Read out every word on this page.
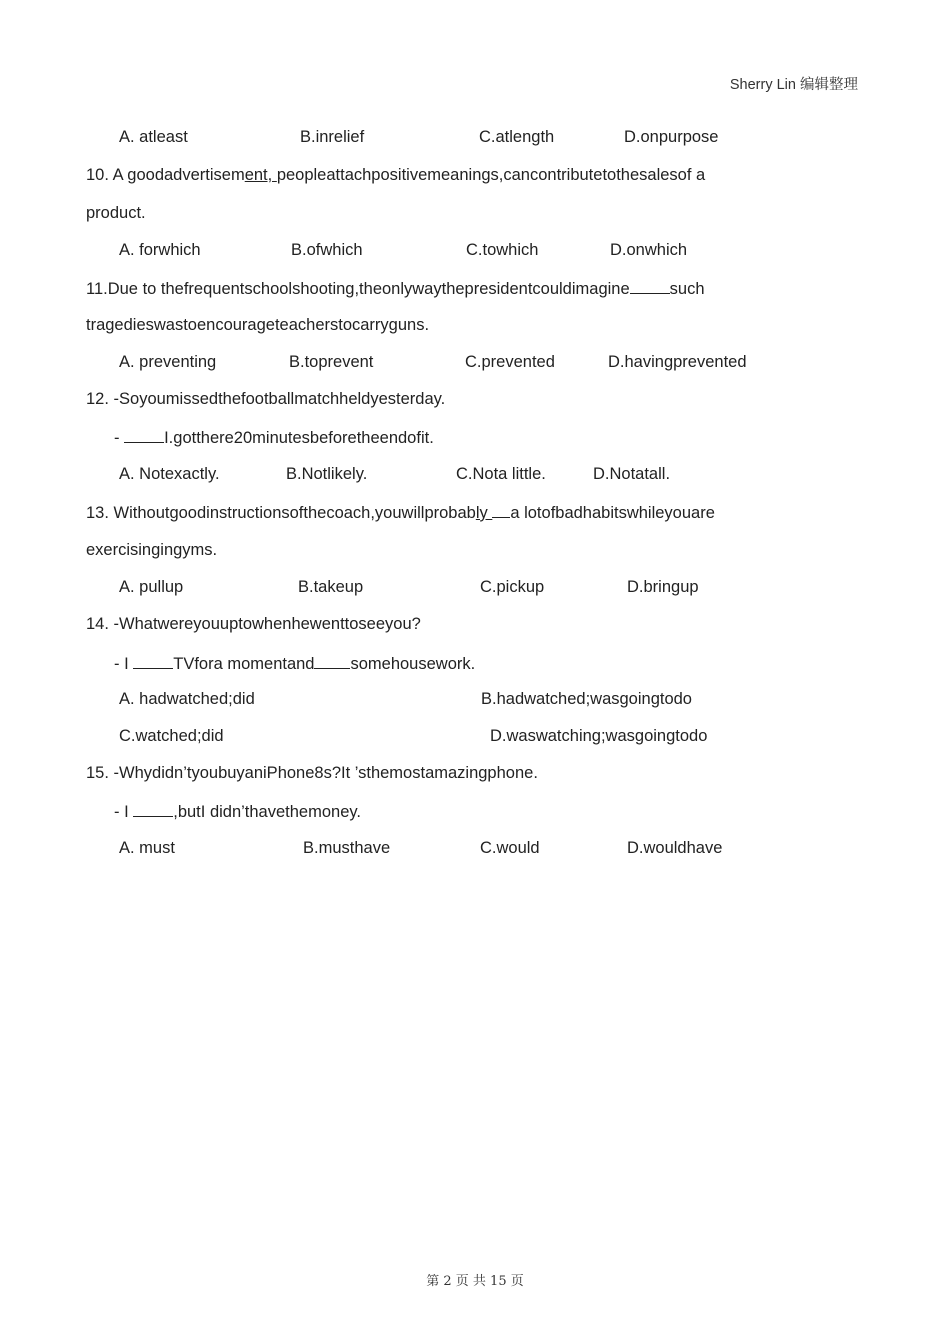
Sherry Lin 编辑整理
A. atleast	B.inrelief	C.atlength	D.onpurpose
10. A goodadvertisement, peopleattachpositivemeanings,cancontributetothesalesof a
product.
A. forwhich	B.ofwhich	C.towhich	D.onwhich
11.Due to thefrequentschoolshooting,theonlywaythepresidentcouldimagine such
tragedieswastoencourageteacherstocarryguns.
A. preventing	B.toprevent	C.prevented	D.havingprevented
12. -Soyoumissedthefootballmatchheldyesterday.
- I.gotthere20minutesbeforetheendofit.
A. Notexactly.	B.Notlikely.	C.Nota little.	D.Notatall.
13. Withoutgoodinstructionsofthecoach,youwillprobably a lotofbadhabitswhileyouare
exercisingingyms.
A. pullup	B.takeup	C.pickup	D.bringup
14. -Whatwereyouuptowhenhewenttoseeyou?
- I TVfora momentand somehousework.
A. hadwatched;did	B.hadwatched;wasgoingtodo
C.watched;did	D.waswatching;wasgoingtodo
15. -Whydidn’tyoubuyaniPhone8s?It ’sthemostamazingphone.
- I ,butI didn’thavethemoney.
A. must	B.musthave	C.would	D.wouldhave
第 2 页 共 15 页
